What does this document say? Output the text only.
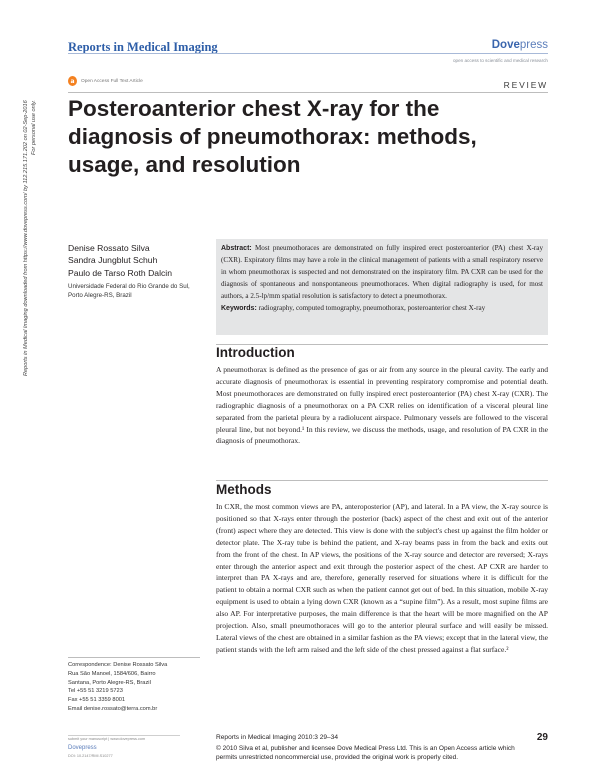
Reports in Medical Imaging	Dovepress
open access to scientific and medical research
a	Open Access Full Text Article	REVIEW
Posteroanterior chest X-ray for the diagnosis of pneumothorax: methods, usage, and resolution
Reports in Medical Imaging downloaded from https://www.dovepress.com/ by 112.215.171.202 on 02-Sep-2016
For personal use only.
Denise Rossato Silva
Sandra Jungblut Schuh
Paulo de Tarso Roth Dalcin
Universidade Federal do Rio Grande do Sul, Porto Alegre-RS, Brazil
Abstract: Most pneumothoraces are demonstrated on fully inspired erect posteroanterior (PA) chest X-ray (CXR). Expiratory films may have a role in the clinical management of patients with a small respiratory reserve in whom pneumothorax is suspected and not demonstrated on the inspiratory film. PA CXR can be used for the diagnosis of spontaneous and nonspontaneous pneumothoraces. When digital radiography is used, for most authors, a 2.5-lp/mm spatial resolution is satisfactory to detect a pneumothorax.
Keywords: radiography, computed tomography, pneumothorax, posteroanterior chest X-ray
Introduction

A pneumothorax is defined as the presence of gas or air from any source in the pleural cavity. The early and accurate diagnosis of pneumothorax is essential in preventing respiratory compromise and potential death. Most pneumothoraces are demonstrated on fully inspired erect posteroanterior (PA) chest X-ray (CXR). The radiographic diagnosis of a pneumothorax on a PA CXR relies on identification of a visceral pleural line separated from the parietal pleura by a radiolucent airspace. Pulmonary vessels are followed to the visceral pleural line, but not beyond.¹ In this review, we discuss the methods, usage, and resolution of PA CXR in the diagnosis of pneumothorax.

Methods

In CXR, the most common views are PA, anteroposterior (AP), and lateral. In a PA view, the X-ray source is positioned so that X-rays enter through the posterior (back) aspect of the chest and exit out of the anterior (front) aspect where they are detected. This view is done with the subject's chest up against the film holder or detector plate. The X-ray tube is behind the patient, and X-ray beams pass in from the back and exits out from the front of the chest. In AP views, the positions of the X-ray source and detector are reversed; X-rays enter through the anterior aspect and exit through the posterior aspect of the chest. AP CXR are harder to interpret than PA X-rays and are, therefore, generally reserved for situations where it is difficult for the patient to obtain a normal CXR such as when the patient cannot get out of bed. In this situation, mobile X-ray equipment is used to obtain a lying down CXR (known as a “supine film”). As a result, most supine films are also AP. For interpretative purposes, the main difference is that the heart will be more magnified on the AP projection. Also, small pneumothoraces will go to the anterior pleural surface and will easily be missed. Lateral views of the chest are obtained in a similar fashion as the PA views; except that in the lateral view, the patient stands with the left arm raised and the left side of the chest pressed against a flat surface.²

Correspondence: Denise Rossato Silva
Rua São Manoel, 1584/606, Bairro
Santana, Porto Alegre-RS, Brazil
Tel +55 51 3219 5723
Fax +55 51 3359 8001
Email denise.rossato@terra.com.br
submit your manuscript | www.dovepress.com
Dovepress
DOI: 10.2147/RMI.S10277
Reports in Medical Imaging 2010:3 29–34
© 2010 Silva et al, publisher and licensee Dove Medical Press Ltd. This is an Open Access article which permits unrestricted noncommercial use, provided the original work is properly cited.
29
